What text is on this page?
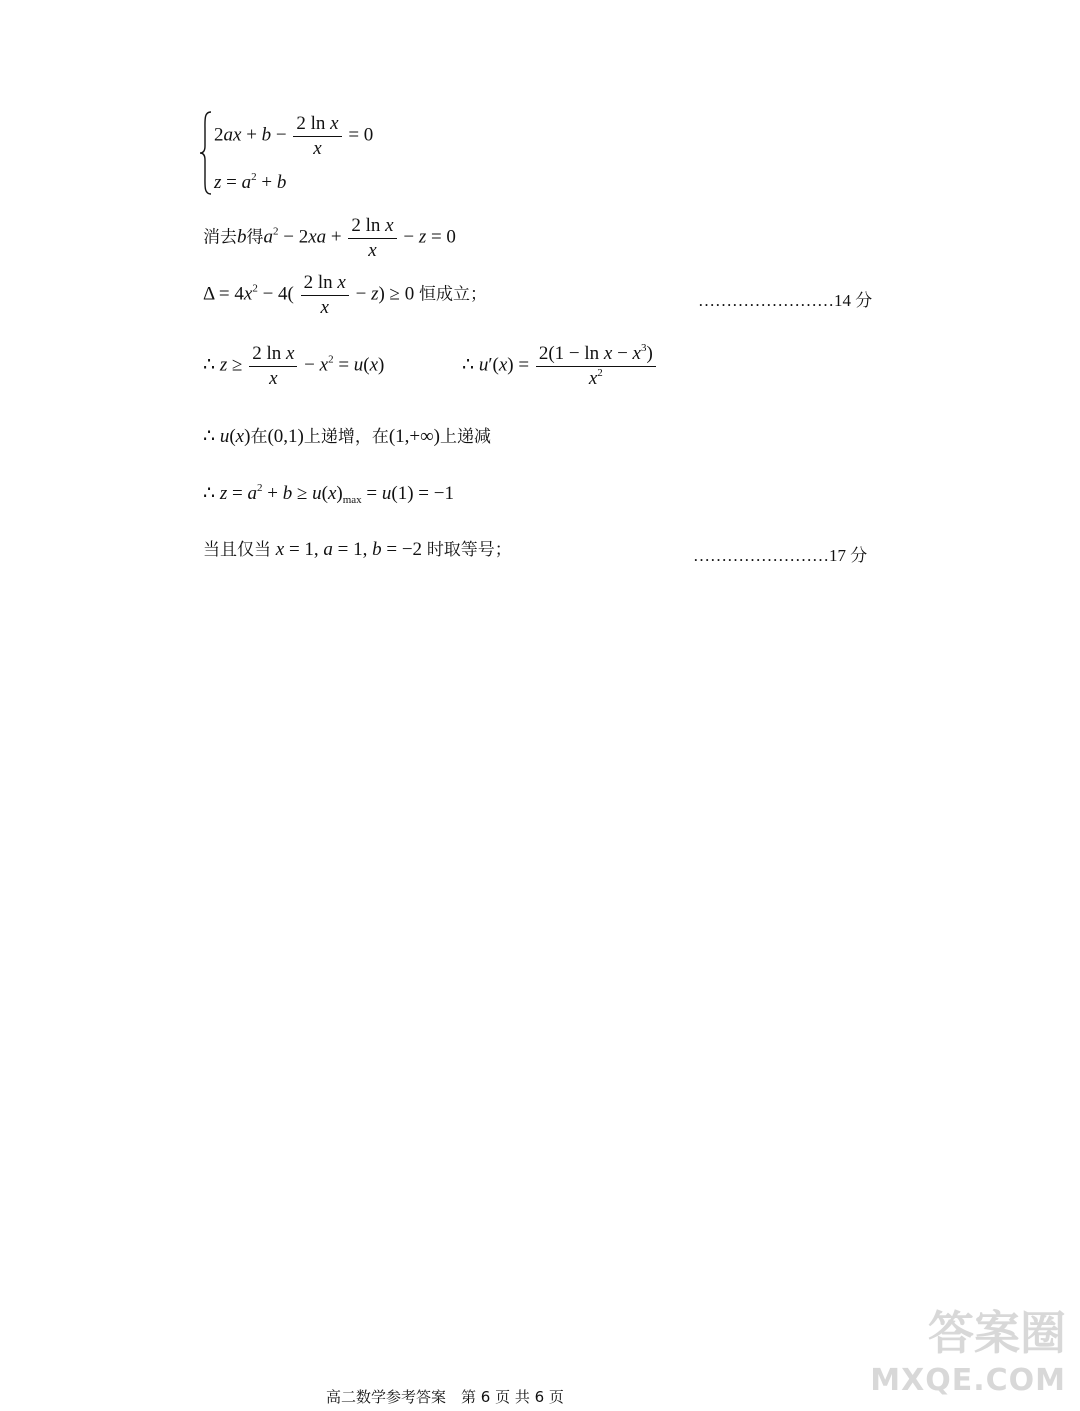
$2ax + b - \frac{\text{2 ln x}}{x} = 0$
$z = a^2 + b$
消去b得$a^2 - 2xa + \frac{\text{2 ln x}}{x} - z = 0$
$\Delta = 4x^2 - 4( \frac{\text{2 ln x}}{x} - z) \ge 0$ 恒成立；	……………………14 分
∴ $z \ge \frac{\text{2 ln x}}{x} - x^2 = u(x)$	∴ $u'(x) = \frac{2(1 - \ln x - x^3)}{x^2}$
∴ u(x)在(0,1)上递增，在(1,+∞)上递减
∴ $z = a^2 + b \ge u(x)_{max} = u(1) = -1$
当且仅当 x = 1, a = 1, b = −2 时取等号；	……………………17 分
高二数学参考答案　第 6 页 共 6 页
答案圈
MXQE.COM
